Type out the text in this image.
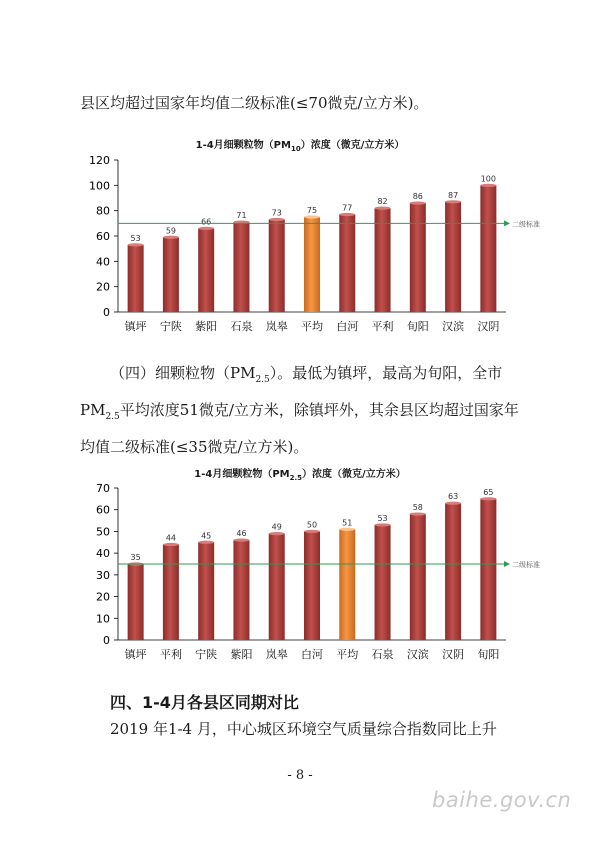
县区均超过国家年均值二级标准(≤70微克/立方米)。

1-4月细颗粒物$(PM_{10})$浓度（微克/立方米）
0
20
40
60
80
100
120
53
镇坪
59
宁陕
66
紫阳
71
石泉
73
岚皋
75
平均
77
白河
82
平利
86
旬阳
87
汉滨
100
汉阴
二级标准

（四）细颗粒物$(PM_{2.5})$。最低为镇坪，最高为旬阳，全市$PM_{2.5}$平均浓度51微克/立方米，除镇坪外，其余县区均超过国家年均值二级标准(≤35微克/立方米)。

1-4月细颗粒物$(PM_{2.5})$浓度（微克/立方米）
0
10
20
30
40
50
60
70
35
镇坪
44
平利
45
宁陕
46
紫阳
49
岚皋
50
白河
51
平均
53
石泉
58
汉滨
63
汉阴
65
旬阳
二级标准
四、1-4月各县区同期对比

2019 年1-4 月，中心城区环境空气质量综合指数同比上升

- 8 -
baihe.gov.cn
